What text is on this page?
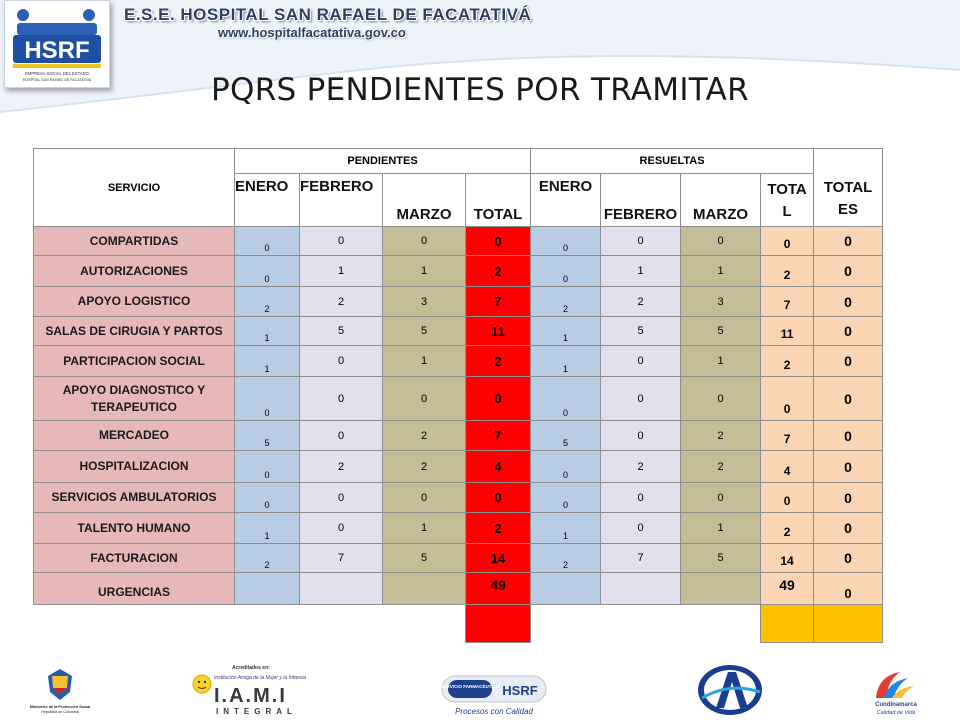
HSRF
EMPRESA SOCIAL DEL ESTADO
HOSPITAL SAN RAFAEL DE FACATATIVA
E.S.E. HOSPITAL SAN RAFAEL DE FACATATIVÁ
www.hospitalfacatativa.gov.co
PQRS PENDIENTES POR TRAMITAR
SERVICIO	PENDIENTES				RESUELTAS				TOTAL ES
	ENERO	FEBRERO	MARZO	TOTAL	ENERO	FEBRERO	MARZO	TOTA L	
COMPARTIDAS	0	0	0	0	0	0	0	0	0
AUTORIZACIONES	0	1	1	2	0	1	1	2	0
APOYO LOGISTICO	2	2	3	7	2	2	3	7	0
SALAS DE CIRUGIA Y PARTOS	1	5	5	11	1	5	5	11	0
PARTICIPACION SOCIAL	1	0	1	2	1	0	1	2	0
APOYO DIAGNOSTICO Y TERAPEUTICO	0	0	0	0	0	0	0	0	0
MERCADEO	5	0	2	7	5	0	2	7	0
HOSPITALIZACION	0	2	2	4	0	2	2	4	0
SERVICIOS AMBULATORIOS	0	0	0	0	0	0	0	0	0
TALENTO HUMANO	1	0	1	2	1	0	1	2	0
FACTURACION	2	7	5	14	2	7	5	14	0
URGENCIAS				49				49	0

Ministerio de la Protección Social
República de Colombia
Acreditados en:
Institución Amiga de la Mujer y la Infancia
I.A.M.I
INTEGRAL
SERVICIO FARMACÉUTICO HSRF
Procesos con Calidad
Cundinamarca
Calidad de Vida
